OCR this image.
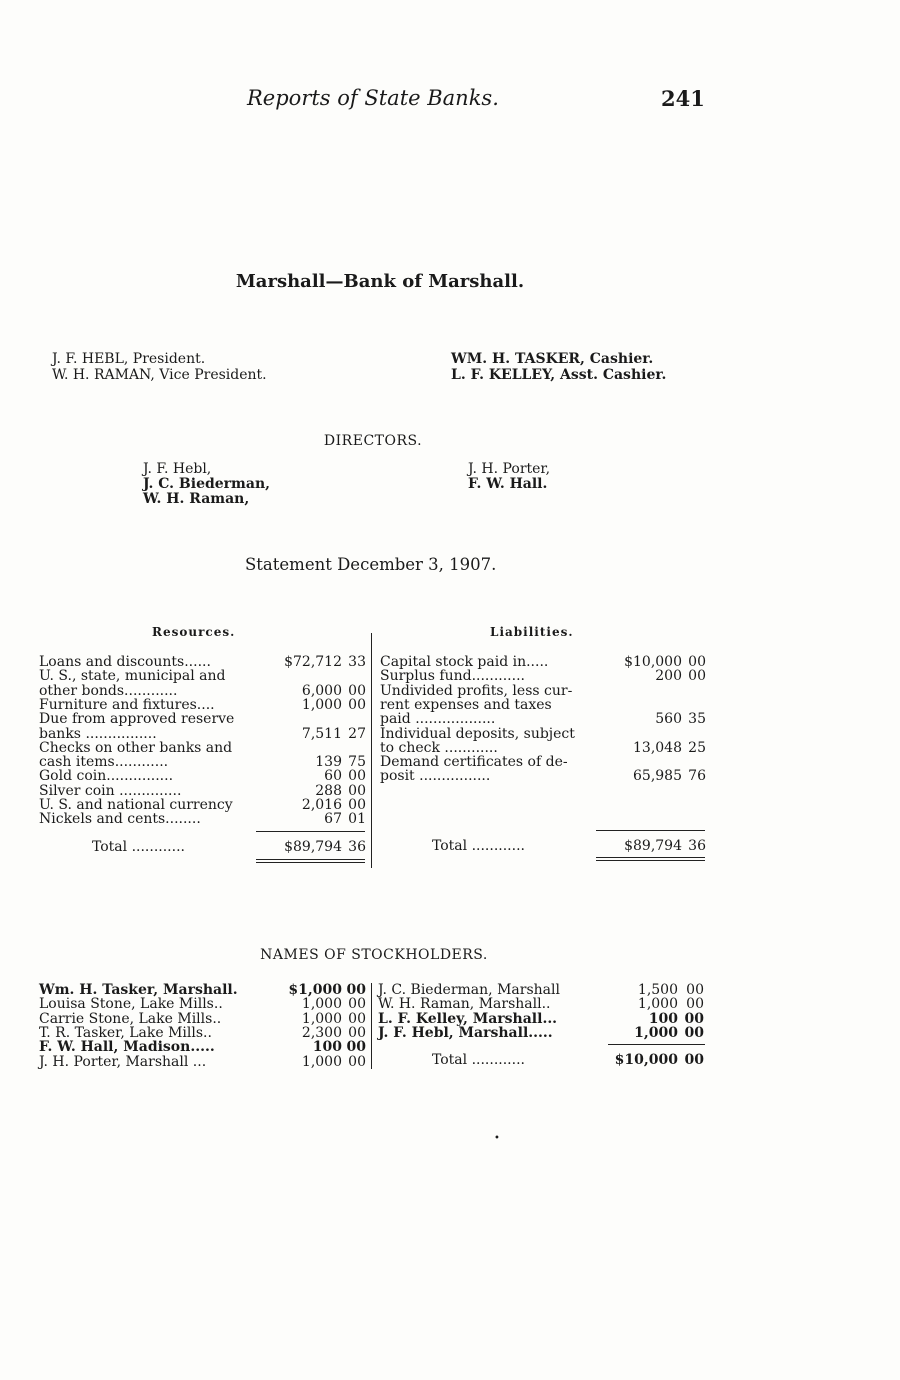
Reports of State Banks.	241
Marshall—Bank of Marshall.
J. F. HEBL, President.
W. H. RAMAN, Vice President.
WM. H. TASKER, Cashier.
L. F. KELLEY, Asst. Cashier.
DIRECTORS.
J. F. Hebl,
J. C. Biederman,
W. H. Raman,
J. H. Porter,
F. W. Hall.
Statement December 3, 1907.
Resources.	Liabilities.
Loans and discounts......	$72,712 33
U. S., state, municipal and
other bonds............	6,000 00
Furniture and fixtures....	1,000 00
Due from approved reserve
banks ................	7,511 27
Checks on other banks and
cash items............	139 75
Gold coin...............	60 00
Silver coin ..............	288 00
U. S. and national currency	2,016 00
Nickels and cents........	67 01
Capital stock paid in.....	$10,000 00
Surplus fund............	200 00
Undivided profits, less cur-
rent expenses and taxes
paid ..................	560 35
Individual deposits, subject
to check ............	13,048 25
Demand certificates of de-
posit ................	65,985 76
Total ............	$89,794 36	Total ............	$89,794 36
NAMES OF STOCKHOLDERS.
Wm. H. Tasker, Marshall.	$1,000 00
Louisa Stone, Lake Mills..	1,000 00
Carrie Stone, Lake Mills..	1,000 00
T. R. Tasker, Lake Mills..	2,300 00
F. W. Hall, Madison.....	100 00
J. H. Porter, Marshall ...	1,000 00
J. C. Biederman, Marshall	1,500 00
W. H. Raman, Marshall..	1,000 00
L. F. Kelley, Marshall...	100 00
J. F. Hebl, Marshall.....	1,000 00
Total ............	$10,000 00
•
